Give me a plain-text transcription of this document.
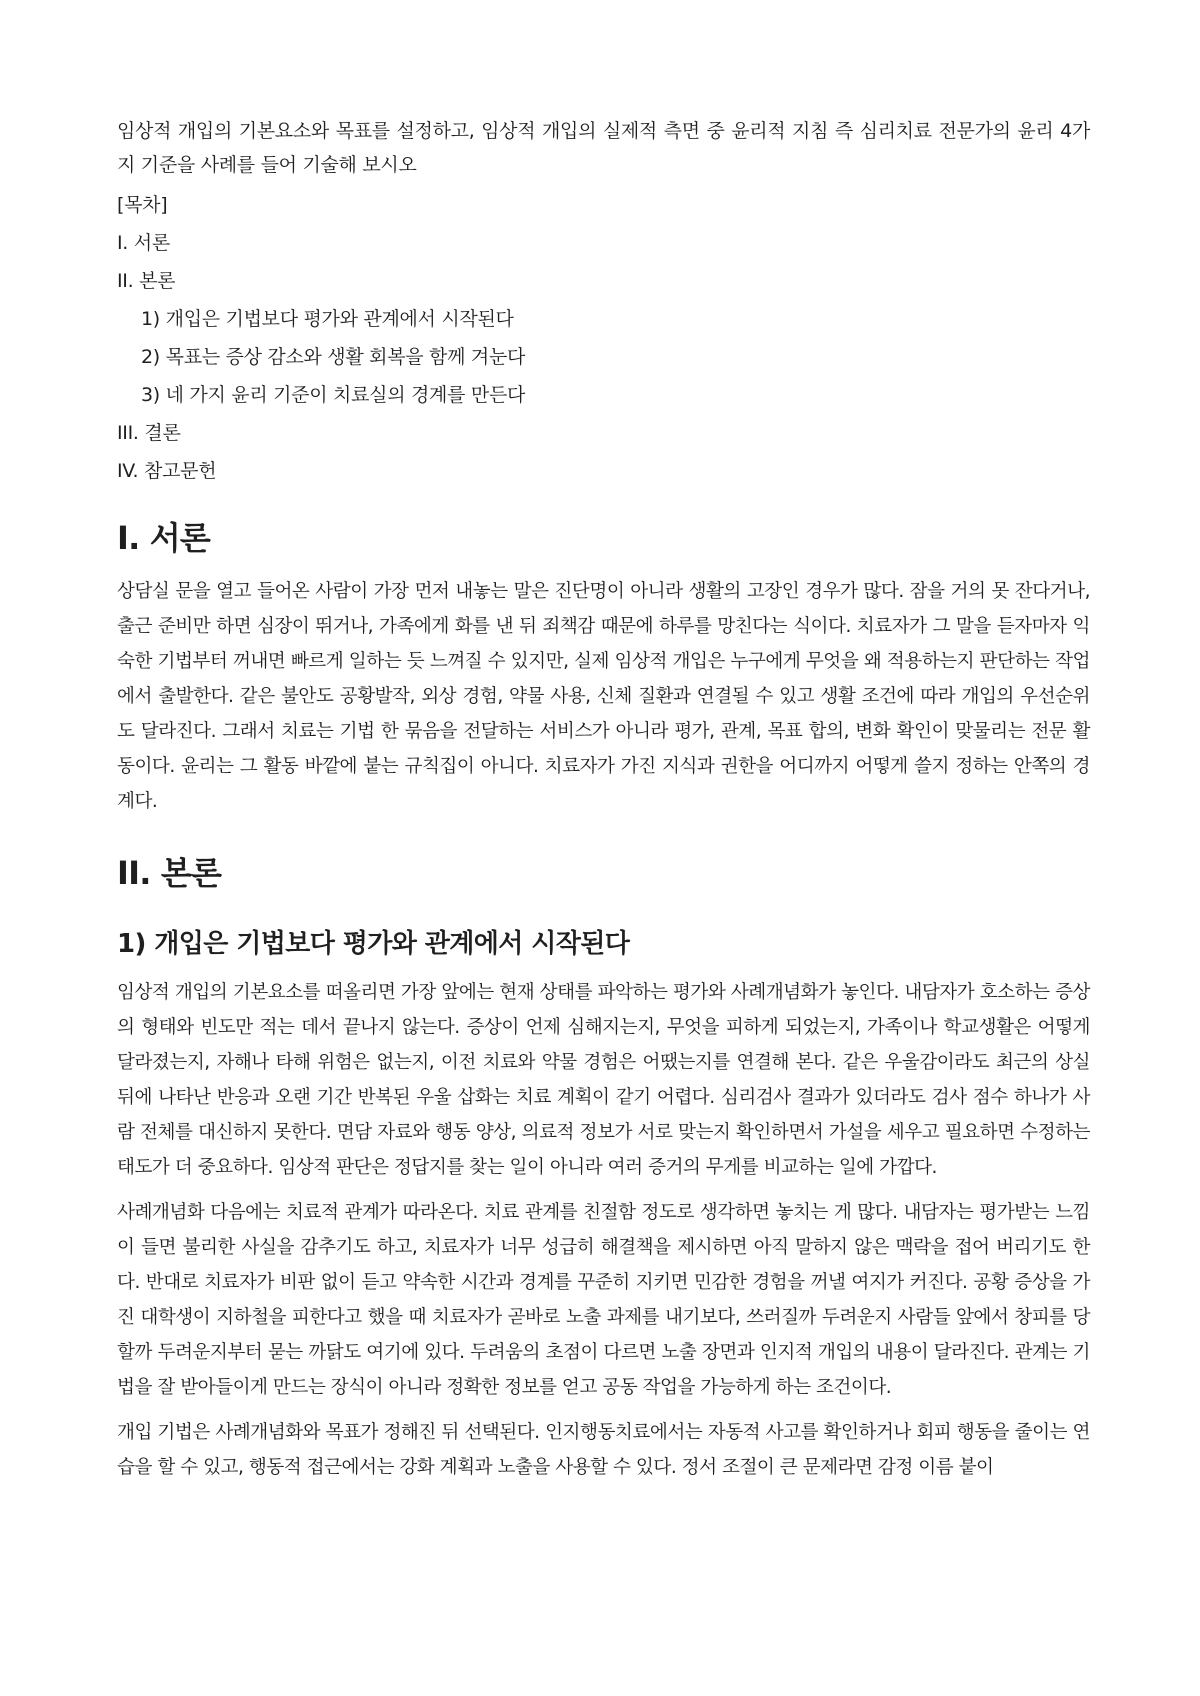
임상적 개입의 기본요소와 목표를 설정하고, 임상적 개입의 실제적 측면 중 윤리적 지침 즉 심리치료 전문가의 윤리 4가지 기준을 사례를 들어 기술해 보시오

[목차]
I. 서론
II. 본론
1) 개입은 기법보다 평가와 관계에서 시작된다
2) 목표는 증상 감소와 생활 회복을 함께 겨눈다
3) 네 가지 윤리 기준이 치료실의 경계를 만든다
III. 결론
IV. 참고문헌
I. 서론

상담실 문을 열고 들어온 사람이 가장 먼저 내놓는 말은 진단명이 아니라 생활의 고장인 경우가 많다. 잠을 거의 못 잔다거나, 출근 준비만 하면 심장이 뛰거나, 가족에게 화를 낸 뒤 죄책감 때문에 하루를 망친다는 식이다. 치료자가 그 말을 듣자마자 익숙한 기법부터 꺼내면 빠르게 일하는 듯 느껴질 수 있지만, 실제 임상적 개입은 누구에게 무엇을 왜 적용하는지 판단하는 작업에서 출발한다. 같은 불안도 공황발작, 외상 경험, 약물 사용, 신체 질환과 연결될 수 있고 생활 조건에 따라 개입의 우선순위도 달라진다. 그래서 치료는 기법 한 묶음을 전달하는 서비스가 아니라 평가, 관계, 목표 합의, 변화 확인이 맞물리는 전문 활동이다. 윤리는 그 활동 바깥에 붙는 규칙집이 아니다. 치료자가 가진 지식과 권한을 어디까지 어떻게 쓸지 정하는 안쪽의 경계다.

II. 본론
1) 개입은 기법보다 평가와 관계에서 시작된다

임상적 개입의 기본요소를 떠올리면 가장 앞에는 현재 상태를 파악하는 평가와 사례개념화가 놓인다. 내담자가 호소하는 증상의 형태와 빈도만 적는 데서 끝나지 않는다. 증상이 언제 심해지는지, 무엇을 피하게 되었는지, 가족이나 학교생활은 어떻게 달라졌는지, 자해나 타해 위험은 없는지, 이전 치료와 약물 경험은 어땠는지를 연결해 본다. 같은 우울감이라도 최근의 상실 뒤에 나타난 반응과 오랜 기간 반복된 우울 삽화는 치료 계획이 같기 어렵다. 심리검사 결과가 있더라도 검사 점수 하나가 사람 전체를 대신하지 못한다. 면담 자료와 행동 양상, 의료적 정보가 서로 맞는지 확인하면서 가설을 세우고 필요하면 수정하는 태도가 더 중요하다. 임상적 판단은 정답지를 찾는 일이 아니라 여러 증거의 무게를 비교하는 일에 가깝다.

사례개념화 다음에는 치료적 관계가 따라온다. 치료 관계를 친절함 정도로 생각하면 놓치는 게 많다. 내담자는 평가받는 느낌이 들면 불리한 사실을 감추기도 하고, 치료자가 너무 성급히 해결책을 제시하면 아직 말하지 않은 맥락을 접어 버리기도 한다. 반대로 치료자가 비판 없이 듣고 약속한 시간과 경계를 꾸준히 지키면 민감한 경험을 꺼낼 여지가 커진다. 공황 증상을 가진 대학생이 지하철을 피한다고 했을 때 치료자가 곧바로 노출 과제를 내기보다, 쓰러질까 두려운지 사람들 앞에서 창피를 당할까 두려운지부터 묻는 까닭도 여기에 있다. 두려움의 초점이 다르면 노출 장면과 인지적 개입의 내용이 달라진다. 관계는 기법을 잘 받아들이게 만드는 장식이 아니라 정확한 정보를 얻고 공동 작업을 가능하게 하는 조건이다.

개입 기법은 사례개념화와 목표가 정해진 뒤 선택된다. 인지행동치료에서는 자동적 사고를 확인하거나 회피 행동을 줄이는 연습을 할 수 있고, 행동적 접근에서는 강화 계획과 노출을 사용할 수 있다. 정서 조절이 큰 문제라면 감정 이름 붙이
